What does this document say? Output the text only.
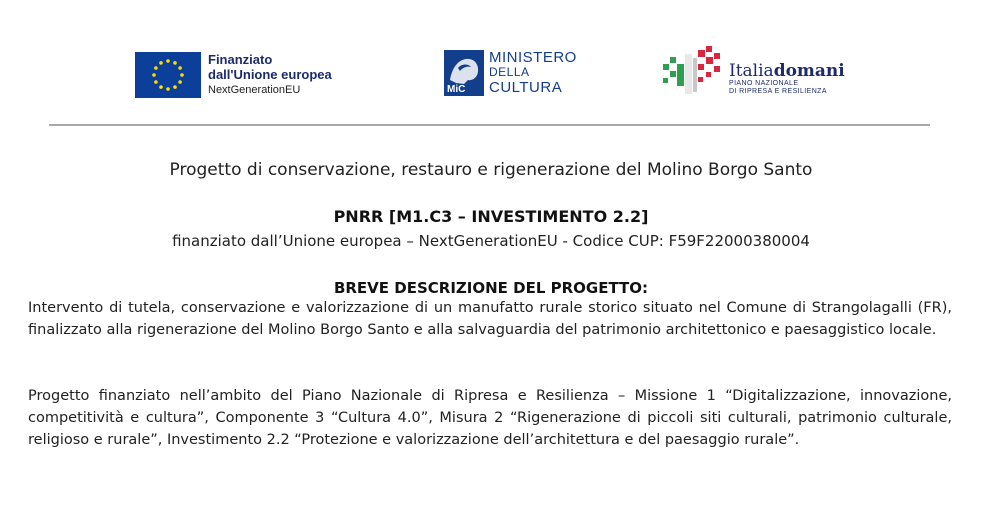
Finanziato
dall'Unione europea
NextGenerationEU	MiC
MINISTERO
DELLA
CULTURA
Italiadomani
PIANO NAZIONALE
DI RIPRESA E RESILIENZA
Progetto di conservazione, restauro e rigenerazione del Molino Borgo Santo
PNRR [M1.C3 – INVESTIMENTO 2.2]
finanziato dall’Unione europea – NextGenerationEU - Codice CUP: F59F22000380004
BREVE DESCRIZIONE DEL PROGETTO:
Intervento di tutela, conservazione e valorizzazione di un manufatto rurale storico situato nel Comune di Strangolagalli (FR), finalizzato alla rigenerazione del Molino Borgo Santo e alla salvaguardia del patrimonio architettonico e paesaggistico locale.
Progetto finanziato nell’ambito del Piano Nazionale di Ripresa e Resilienza – Missione 1 “Digitalizzazione, innovazione, competitività e cultura”, Componente 3 “Cultura 4.0”, Misura 2 “Rigenerazione di piccoli siti culturali, patrimonio culturale, religioso e rurale”, Investimento 2.2 “Protezione e valorizzazione dell’architettura e del paesaggio rurale”.
